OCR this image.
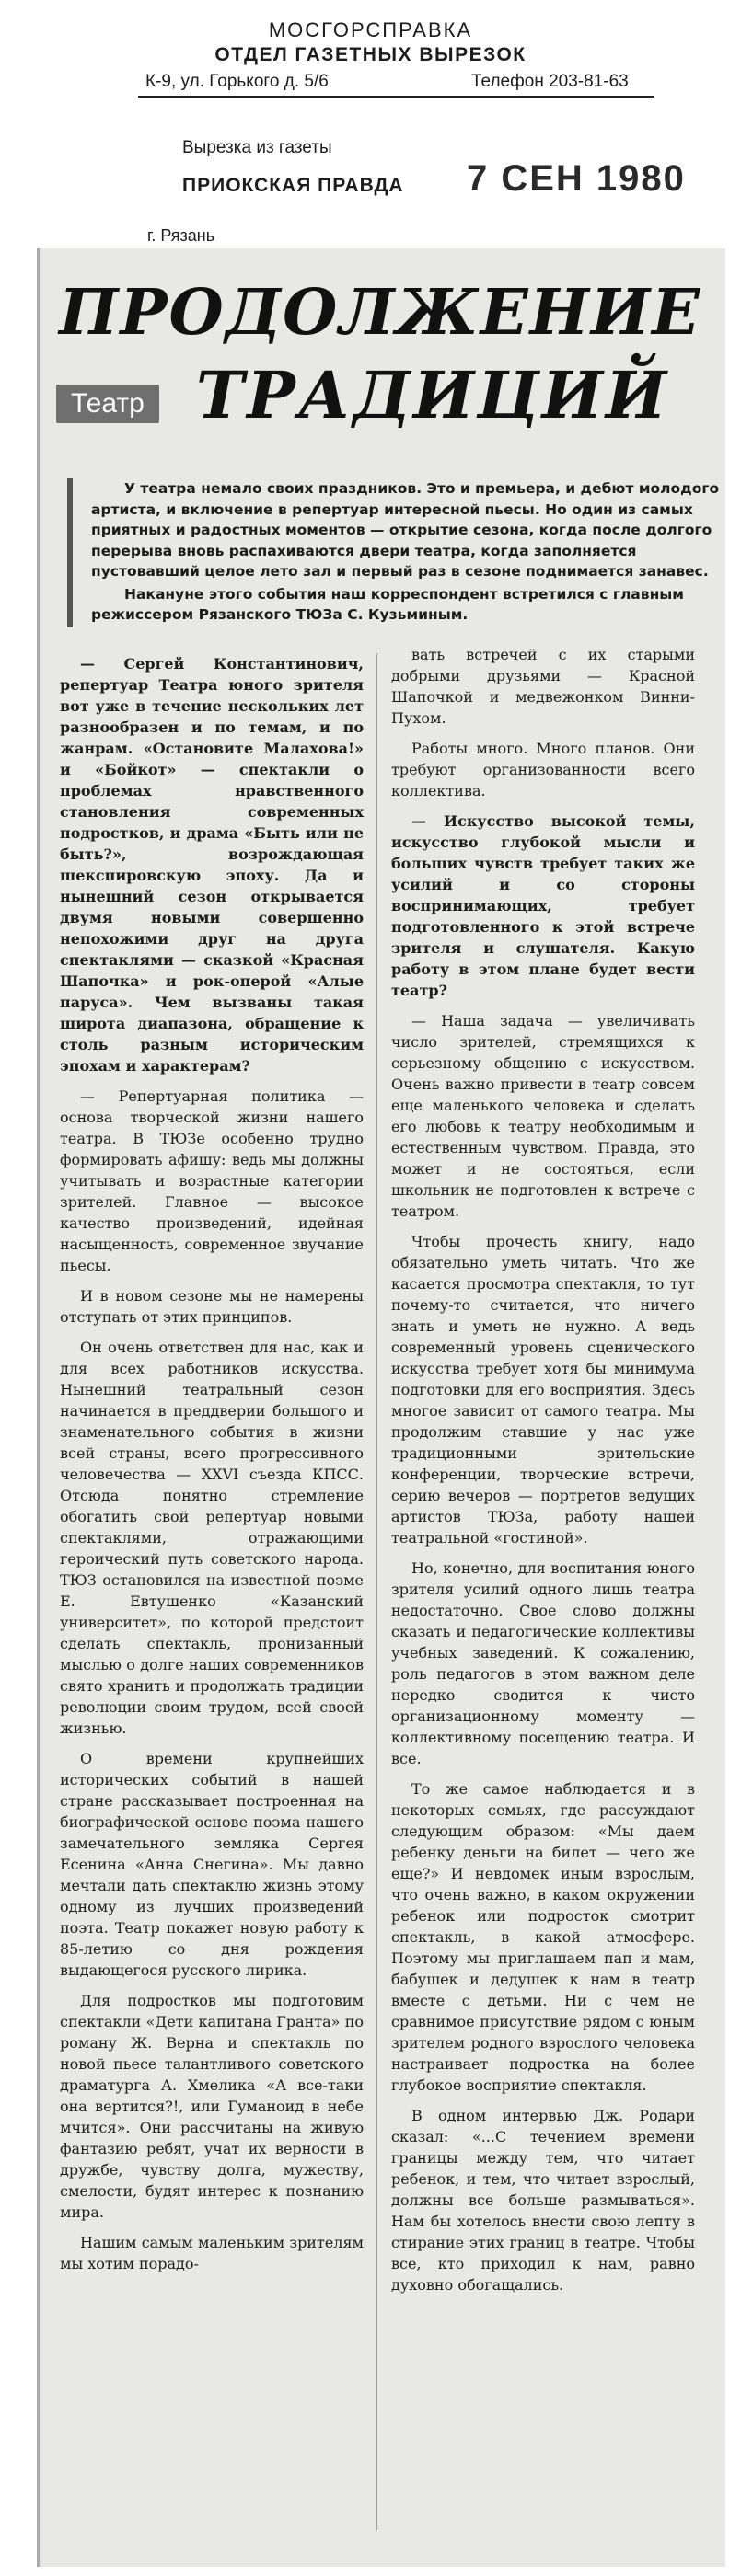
МОСГОРСПРАВКА
ОТДЕЛ ГАЗЕТНЫХ ВЫРЕЗОК
К-9, ул. Горького д. 5/6	Телефон 203-81-63
Вырезка из газеты
ПРИОКСКАЯ ПРАВДА 7 СЕН 1980
г. Рязань
ПРОДОЛЖЕНИЕ
Театр ТРАДИЦИЙ

У театра немало своих праздников. Это и премьера, и дебют молодого артиста, и включение в репертуар интересной пьесы. Но один из самых приятных и радостных моментов — открытие сезона, когда после долгого перерыва вновь распахиваются двери театра, когда заполняется пустовавший целое лето зал и первый раз в сезоне поднимается занавес.

Накануне этого события наш корреспондент встретился с главным режиссером Рязанского ТЮЗа С. Кузьминым.

— Сергей Константинович, репертуар Театра юного зрителя вот уже в течение нескольких лет разнообразен и по темам, и по жанрам. «Остановите Малахова!» и «Бойкот» — спектакли о проблемах нравственного становления современных подростков, и драма «Быть или не быть?», возрождающая шекспировскую эпоху. Да и нынешний сезон открывается двумя новыми совершенно непохожими друг на друга спектаклями — сказкой «Красная Шапочка» и рок-оперой «Алые паруса». Чем вызваны такая широта диапазона, обращение к столь разным историческим эпохам и характерам?

— Репертуарная политика — основа творческой жизни нашего театра. В ТЮЗе особенно трудно формировать афишу: ведь мы должны учитывать и возрастные категории зрителей. Главное — высокое качество произведений, идейная насыщенность, современное звучание пьесы.

И в новом сезоне мы не намерены отступать от этих принципов.

Он очень ответствен для нас, как и для всех работников искусства. Нынешний театральный сезон начинается в преддверии большого и знаменательного события в жизни всей страны, всего прогрессивного человечества — XXVI съезда КПСС. Отсюда понятно стремление обогатить свой репертуар новыми спектаклями, отражающими героический путь советского народа. ТЮЗ остановился на известной поэме Е. Евтушенко «Казанский университет», по которой предстоит сделать спектакль, пронизанный мыслью о долге наших современников свято хранить и продолжать традиции революции своим трудом, всей своей жизнью.

О времени крупнейших исторических событий в нашей стране рассказывает построенная на биографической основе поэма нашего замечательного земляка Сергея Есенина «Анна Снегина». Мы давно мечтали дать спектаклю жизнь этому одному из лучших произведений поэта. Театр покажет новую работу к 85-летию со дня рождения выдающегося русского лирика.

Для подростков мы подготовим спектакли «Дети капитана Гранта» по роману Ж. Верна и спектакль по новой пьесе талантливого советского драматурга А. Хмелика «А все-таки она вертится?!, или Гуманоид в небе мчится». Они рассчитаны на живую фантазию ребят, учат их верности в дружбе, чувству долга, мужеству, смелости, будят интерес к познанию мира.

Нашим самым маленьким зрителям мы хотим порадо-

вать встречей с их старыми добрыми друзьями — Красной Шапочкой и медвежонком Винни-Пухом.

Работы много. Много планов. Они требуют организованности всего коллектива.

— Искусство высокой темы, искусство глубокой мысли и больших чувств требует таких же усилий и со стороны воспринимающих, требует подготовленного к этой встрече зрителя и слушателя. Какую работу в этом плане будет вести театр?

— Наша задача — увеличивать число зрителей, стремящихся к серьезному общению с искусством. Очень важно привести в театр совсем еще маленького человека и сделать его любовь к театру необходимым и естественным чувством. Правда, это может и не состояться, если школьник не подготовлен к встрече с театром.

Чтобы прочесть книгу, надо обязательно уметь читать. Что же касается просмотра спектакля, то тут почему-то считается, что ничего знать и уметь не нужно. А ведь современный уровень сценического искусства требует хотя бы минимума подготовки для его восприятия. Здесь многое зависит от самого театра. Мы продолжим ставшие у нас уже традиционными зрительские конференции, творческие встречи, серию вечеров — портретов ведущих артистов ТЮЗа, работу нашей театральной «гостиной».

Но, конечно, для воспитания юного зрителя усилий одного лишь театра недостаточно. Свое слово должны сказать и педагогические коллективы учебных заведений. К сожалению, роль педагогов в этом важном деле нередко сводится к чисто организационному моменту — коллективному посещению театра. И все.

То же самое наблюдается и в некоторых семьях, где рассуждают следующим образом: «Мы даем ребенку деньги на билет — чего же еще?» И невдомек иным взрослым, что очень важно, в каком окружении ребенок или подросток смотрит спектакль, в какой атмосфере. Поэтому мы приглашаем пап и мам, бабушек и дедушек к нам в театр вместе с детьми. Ни с чем не сравнимое присутствие рядом с юным зрителем родного взрослого человека настраивает подростка на более глубокое восприятие спектакля.

В одном интервью Дж. Родари сказал: «...С течением времени границы между тем, что читает ребенок, и тем, что читает взрослый, должны все больше размываться». Нам бы хотелось внести свою лепту в стирание этих границ в театре. Чтобы все, кто приходил к нам, равно духовно обогащались.
